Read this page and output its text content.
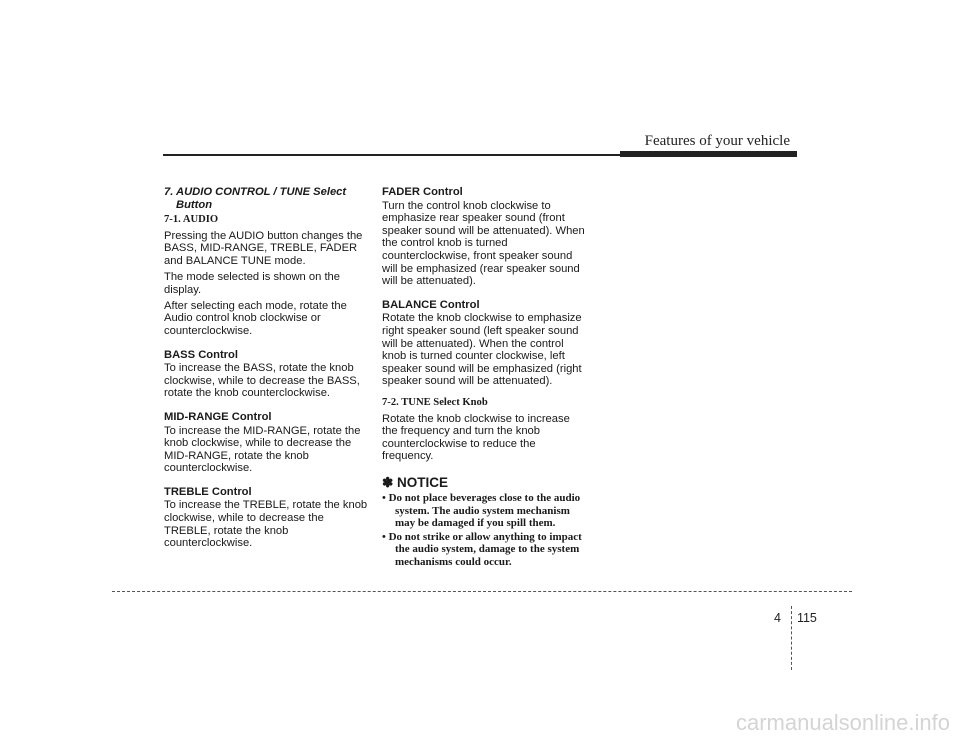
Features of your vehicle

7. AUDIO CONTROL / TUNE Select Button

7-1. AUDIO

Pressing the AUDIO button changes the BASS, MID-RANGE, TREBLE, FADER and BALANCE TUNE mode.

The mode selected is shown on the display.

After selecting each mode, rotate the Audio control knob clockwise or counterclockwise.

BASS Control

To increase the BASS, rotate the knob clockwise, while to decrease the BASS, rotate the knob counterclockwise.

MID-RANGE Control

To increase the MID-RANGE, rotate the knob clockwise, while to decrease the MID-RANGE, rotate the knob counterclockwise.

TREBLE Control

To increase the TREBLE, rotate the knob clockwise, while to decrease the TREBLE, rotate the knob counterclockwise.

FADER Control

Turn the control knob clockwise to emphasize rear speaker sound (front speaker sound will be attenuated). When the control knob is turned counterclockwise, front speaker sound will be emphasized (rear speaker sound will be attenuated).

BALANCE Control

Rotate the knob clockwise to emphasize right speaker sound (left speaker sound will be attenuated). When the control knob is turned counter clockwise, left speaker sound will be emphasized (right speaker sound will be attenuated).

7-2. TUNE Select Knob

Rotate the knob clockwise to increase the frequency and turn the knob counterclockwise to reduce the frequency.

✽ NOTICE

• Do not place beverages close to the audio system. The audio system mechanism may be damaged if you spill them.
• Do not strike or allow anything to impact the audio system, damage to the system mechanisms could occur.
4 115
carmanualsonline.info
